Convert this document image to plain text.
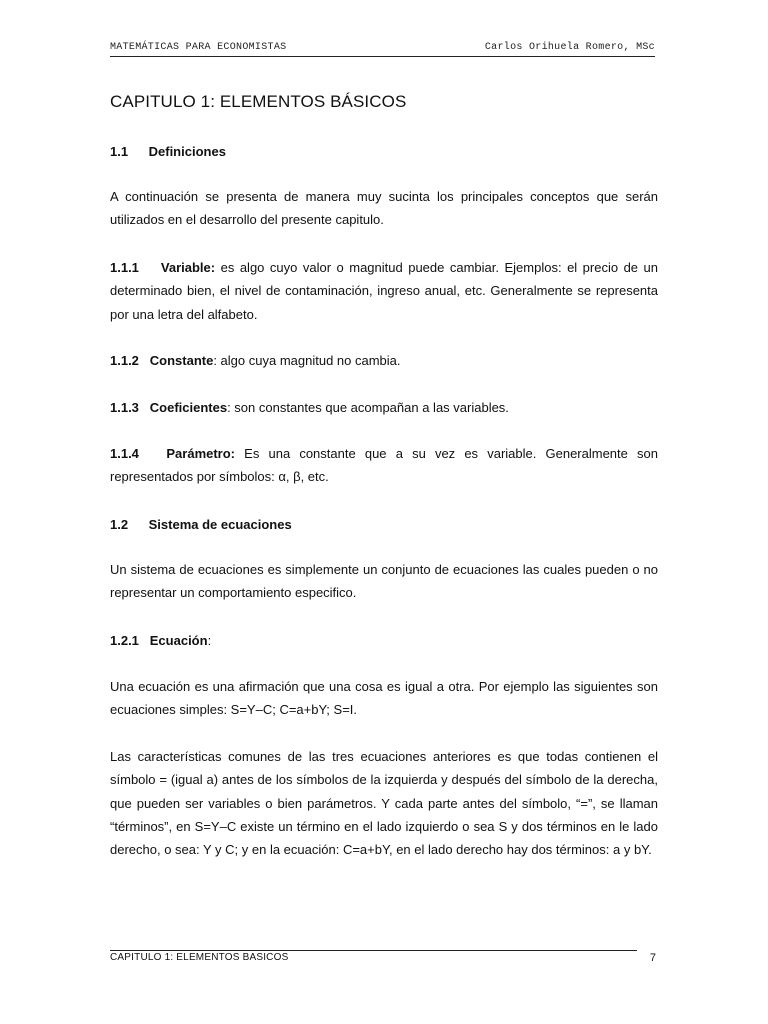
MATEMÁTICAS PARA ECONOMISTAS	Carlos Orihuela Romero, MSc
CAPITULO 1: ELEMENTOS BÁSICOS
1.1 Definiciones

A continuación se presenta de manera muy sucinta los principales conceptos que serán utilizados en el desarrollo del presente capitulo.

1.1.1 Variable: es algo cuyo valor o magnitud puede cambiar. Ejemplos: el precio de un determinado bien, el nivel de contaminación, ingreso anual, etc. Generalmente se representa por una letra del alfabeto.

1.1.2 Constante: algo cuya magnitud no cambia.

1.1.3 Coeficientes: son constantes que acompañan a las variables.

1.1.4 Parámetro: Es una constante que a su vez es variable. Generalmente son representados por símbolos: α, β, etc.

1.2 Sistema de ecuaciones

Un sistema de ecuaciones es simplemente un conjunto de ecuaciones las cuales pueden o no representar un comportamiento especifico.

1.2.1 Ecuación:

Una ecuación es una afirmación que una cosa es igual a otra. Por ejemplo las siguientes son ecuaciones simples: S=Y–C; C=a+bY; S=I.

Las características comunes de las tres ecuaciones anteriores es que todas contienen el símbolo = (igual a) antes de los símbolos de la izquierda y después del símbolo de la derecha, que pueden ser variables o bien parámetros. Y cada parte antes del símbolo, “=”, se llaman “términos”, en S=Y–C existe un término en el lado izquierdo o sea S y dos términos en le lado derecho, o sea: Y y C; y en la ecuación: C=a+bY, en el lado derecho hay dos términos: a y bY.

CAPITULO 1: ELEMENTOS BASICOS	7
